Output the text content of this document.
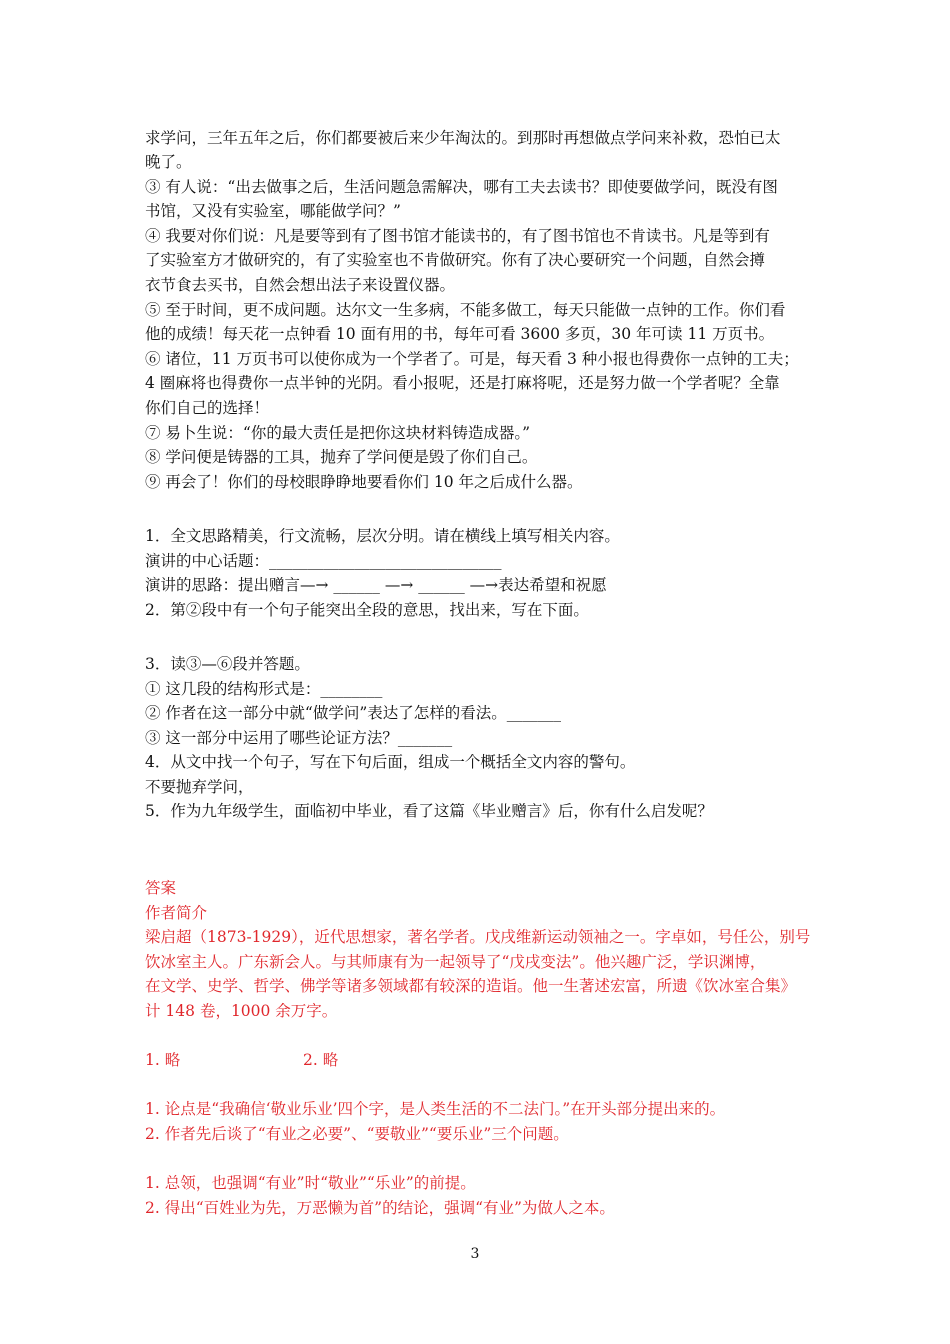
求学问，三年五年之后，你们都要被后来少年淘汰的。到那时再想做点学问来补救，恐怕已太
晚了。
③ 有人说：“出去做事之后，生活问题急需解决，哪有工夫去读书？即使要做学问，既没有图
书馆，又没有实验室，哪能做学问？”
④ 我要对你们说：凡是要等到有了图书馆才能读书的，有了图书馆也不肯读书。凡是等到有
了实验室方才做研究的，有了实验室也不肯做研究。你有了决心要研究一个问题，自然会撙
衣节食去买书，自然会想出法子来设置仪器。
⑤ 至于时间，更不成问题。达尔文一生多病，不能多做工，每天只能做一点钟的工作。你们看
他的成绩！每天花一点钟看 10 面有用的书，每年可看 3600 多页，30 年可读 11 万页书。
⑥ 诸位，11 万页书可以使你成为一个学者了。可是，每天看 3 种小报也得费你一点钟的工夫；
4 圈麻将也得费你一点半钟的光阴。看小报呢，还是打麻将呢，还是努力做一个学者呢？全靠
你们自己的选择！
⑦ 易卜生说：“你的最大责任是把你这块材料铸造成器。”
⑧ 学问便是铸器的工具，抛弃了学问便是毁了你们自己。
⑨ 再会了！你们的母校眼睁睁地要看你们 10 年之后成什么器。
1．全文思路精美，行文流畅，层次分明。请在横线上填写相关内容。
演讲的中心话题：______________________________
演讲的思路：提出赠言—→ ______ —→ ______ —→表达希望和祝愿
2．第②段中有一个句子能突出全段的意思，找出来，写在下面。
3．读③—⑥段并答题。
① 这几段的结构形式是：________
② 作者在这一部分中就“做学问”表达了怎样的看法。_______
③ 这一部分中运用了哪些论证方法？_______
4．从文中找一个句子，写在下句后面，组成一个概括全文内容的警句。
不要抛弃学问，
5．作为九年级学生，面临初中毕业，看了这篇《毕业赠言》后，你有什么启发呢？
答案
作者简介
梁启超（1873-1929），近代思想家，著名学者。戊戌维新运动领袖之一。字卓如，号任公，别号
饮冰室主人。广东新会人。与其师康有为一起领导了“戊戌变法”。他兴趣广泛，学识渊博，
在文学、史学、哲学、佛学等诸多领域都有较深的造诣。他一生著述宏富，所遗《饮冰室合集》
计 148 卷，1000 余万字。
1. 略	2. 略
1. 论点是“我确信‘敬业乐业’四个字，是人类生活的不二法门。”在开头部分提出来的。
2. 作者先后谈了“有业之必要”、“要敬业”“要乐业”三个问题。
1. 总领，也强调“有业”时“敬业”“乐业”的前提。
2. 得出“百姓业为先，万恶懒为首”的结论，强调“有业”为做人之本。
3
